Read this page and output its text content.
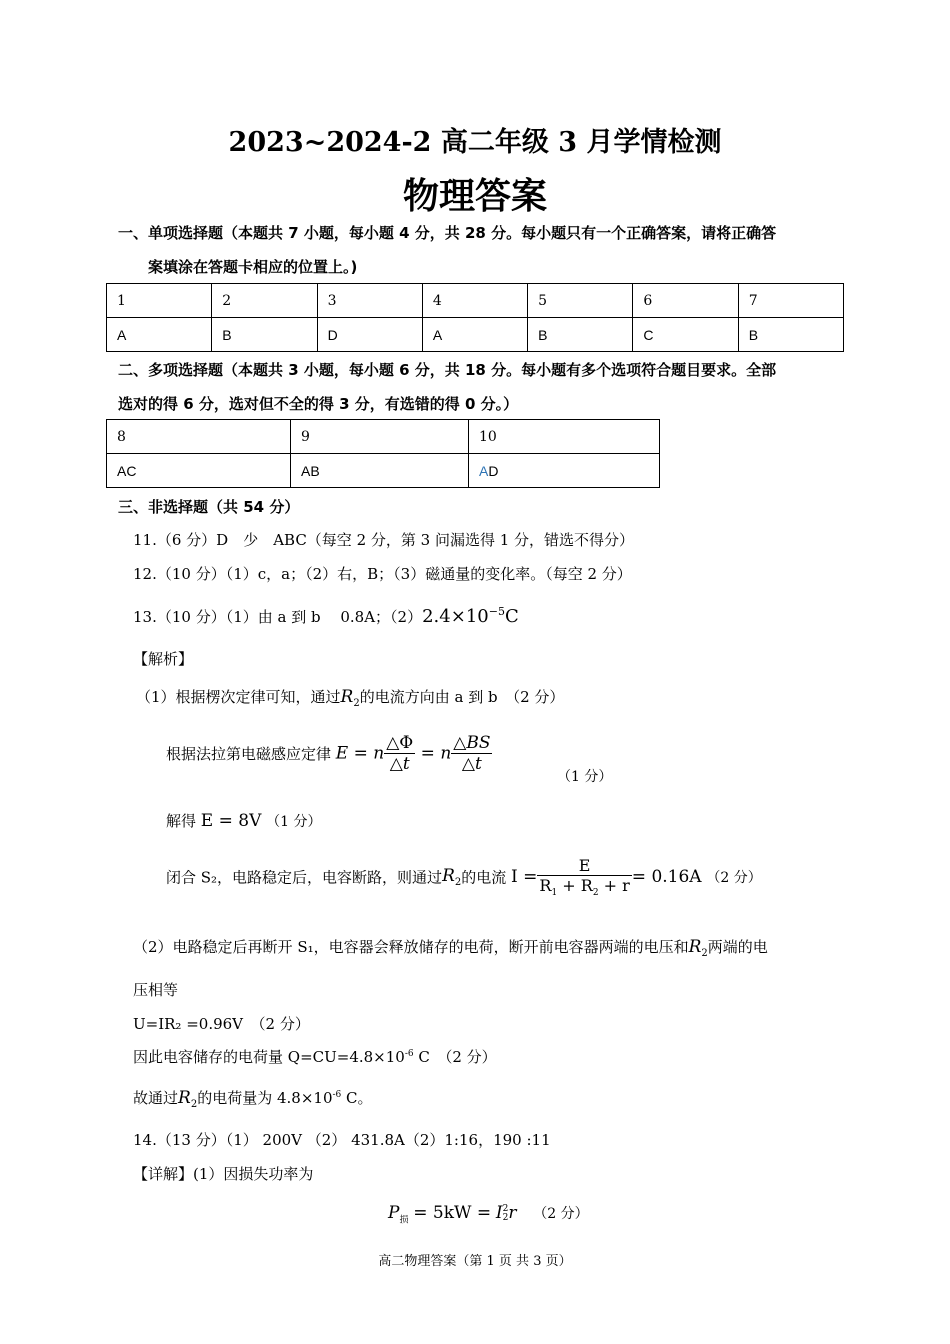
2023~2024-2 高二年级 3 月学情检测
物理答案
一、单项选择题（本题共 7 小题，每小题 4 分，共 28 分。每小题只有一个正确答案，请将正确答
案填涂在答题卡相应的位置上。)
1	2	3	4	5	6	7
A	B	D	A	B	C	B
二、多项选择题（本题共 3 小题，每小题 6 分，共 18 分。每小题有多个选项符合题目要求。全部
选对的得 6 分，选对但不全的得 3 分，有选错的得 0 分。）
8	9	10
AC	AB	AD
三、非选择题（共 54 分）
11.（6 分）D　少　ABC（每空 2 分，第 3 问漏选得 1 分，错选不得分）
12.（10 分）（1）c，a；（2）右，B；（3）磁通量的变化率。（每空 2 分）
13.（10 分）（1）由 a 到 b　 0.8A；$(2)2.4\times 10^{-5}C$
【解析】
（1）根据楞次定律可知，通过$R_2$的电流方向由 a 到 b　（2 分）
根据法拉第电磁感应定律 E = n $\frac{\triangle\Phi}{\triangle t} = n \frac{\triangle BS}{\triangle t}$
（1 分）
解得 E = 8V （1 分）
闭合 S₂，电路稳定后，电容断路，则通过$R_2$的电流 $I = \frac{E}{R_1 + R_2 + r} = 0.16A$ （2 分）
（2）电路稳定后再断开 S₁，电容器会释放储存的电荷，断开前电容器两端的电压和$R_2$两端的电
压相等
U=IR₂ =0.96V　（2 分）
因此电容储存的电荷量 $Q=CU=4.8\times 10^{-6}$ C　（2 分）
故通过$R_2$的电荷量为 $4.8\times 10^{-6}$ C。
14.（13 分）（1） 200V （2） 431.8A（2）1:16，190 :11
【详解】(1）因损失功率为
$P_损 = 5kW = I$ 2
2 r （2 分）
高二物理答案（第 1 页 共 3 页）
